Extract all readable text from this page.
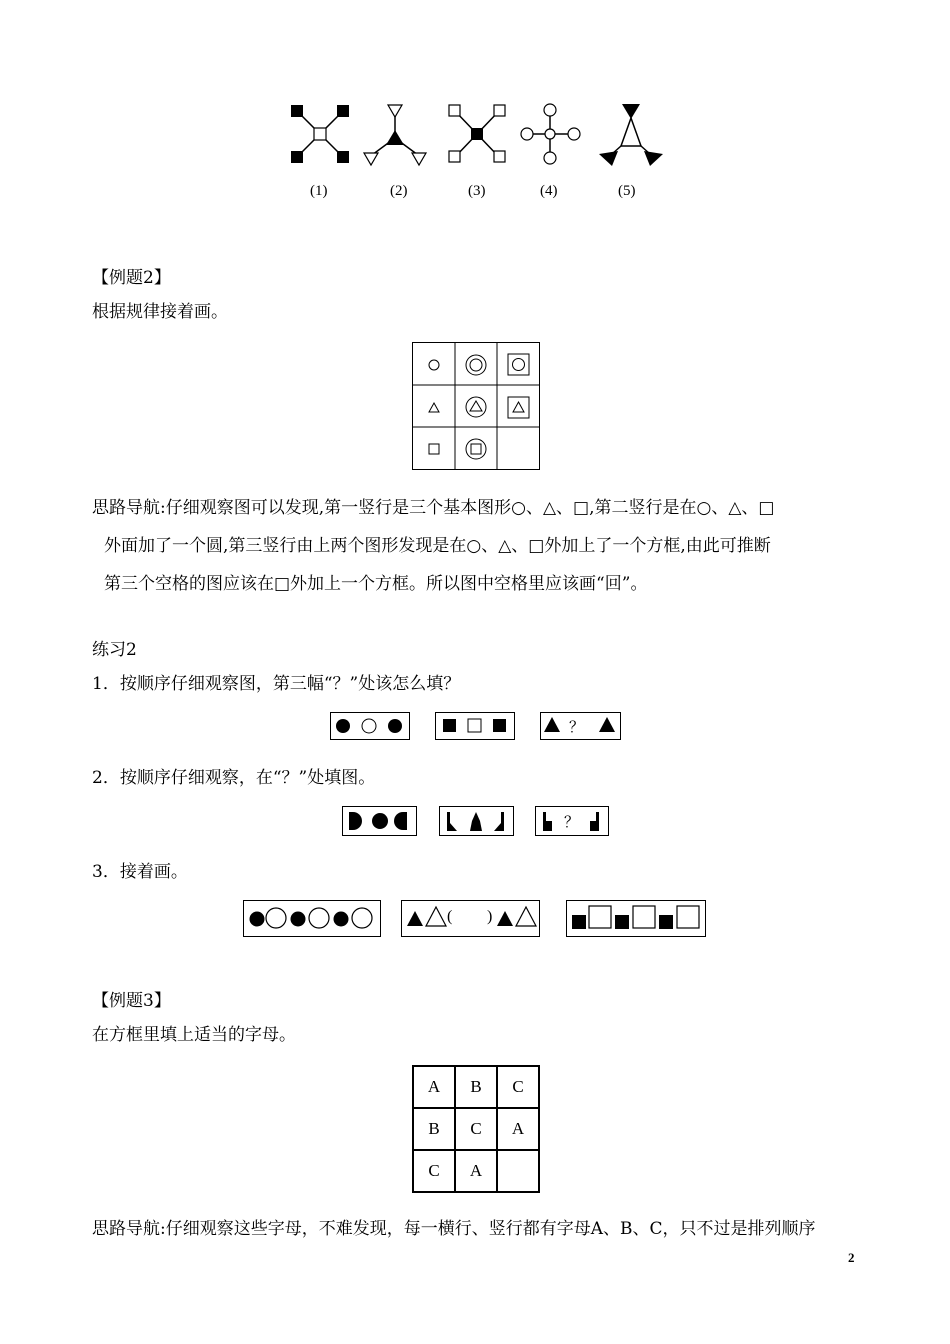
(1)	(2)	(3)	(4)	(5)
【例题2】
根据规律接着画。
思路导航:仔细观察图可以发现,第一竖行是三个基本图形○、△、□,第二竖行是在○、△、□
外面加了一个圆,第三竖行由上两个图形发现是在○、△、□外加上了一个方框,由此可推断
第三个空格的图应该在□外加上一个方框。所以图中空格里应该画“回”。
练习2
1．按顺序仔细观察图，第三幅“？”处该怎么填？
？
2．按顺序仔细观察，在“？”处填图。
？
3．接着画。
( )
【例题3】
在方框里填上适当的字母。
A	B	C
B	C	A
C	A
思路导航:仔细观察这些字母，不难发现，每一横行、竖行都有字母A、B、C，只不过是排列顺序
2
